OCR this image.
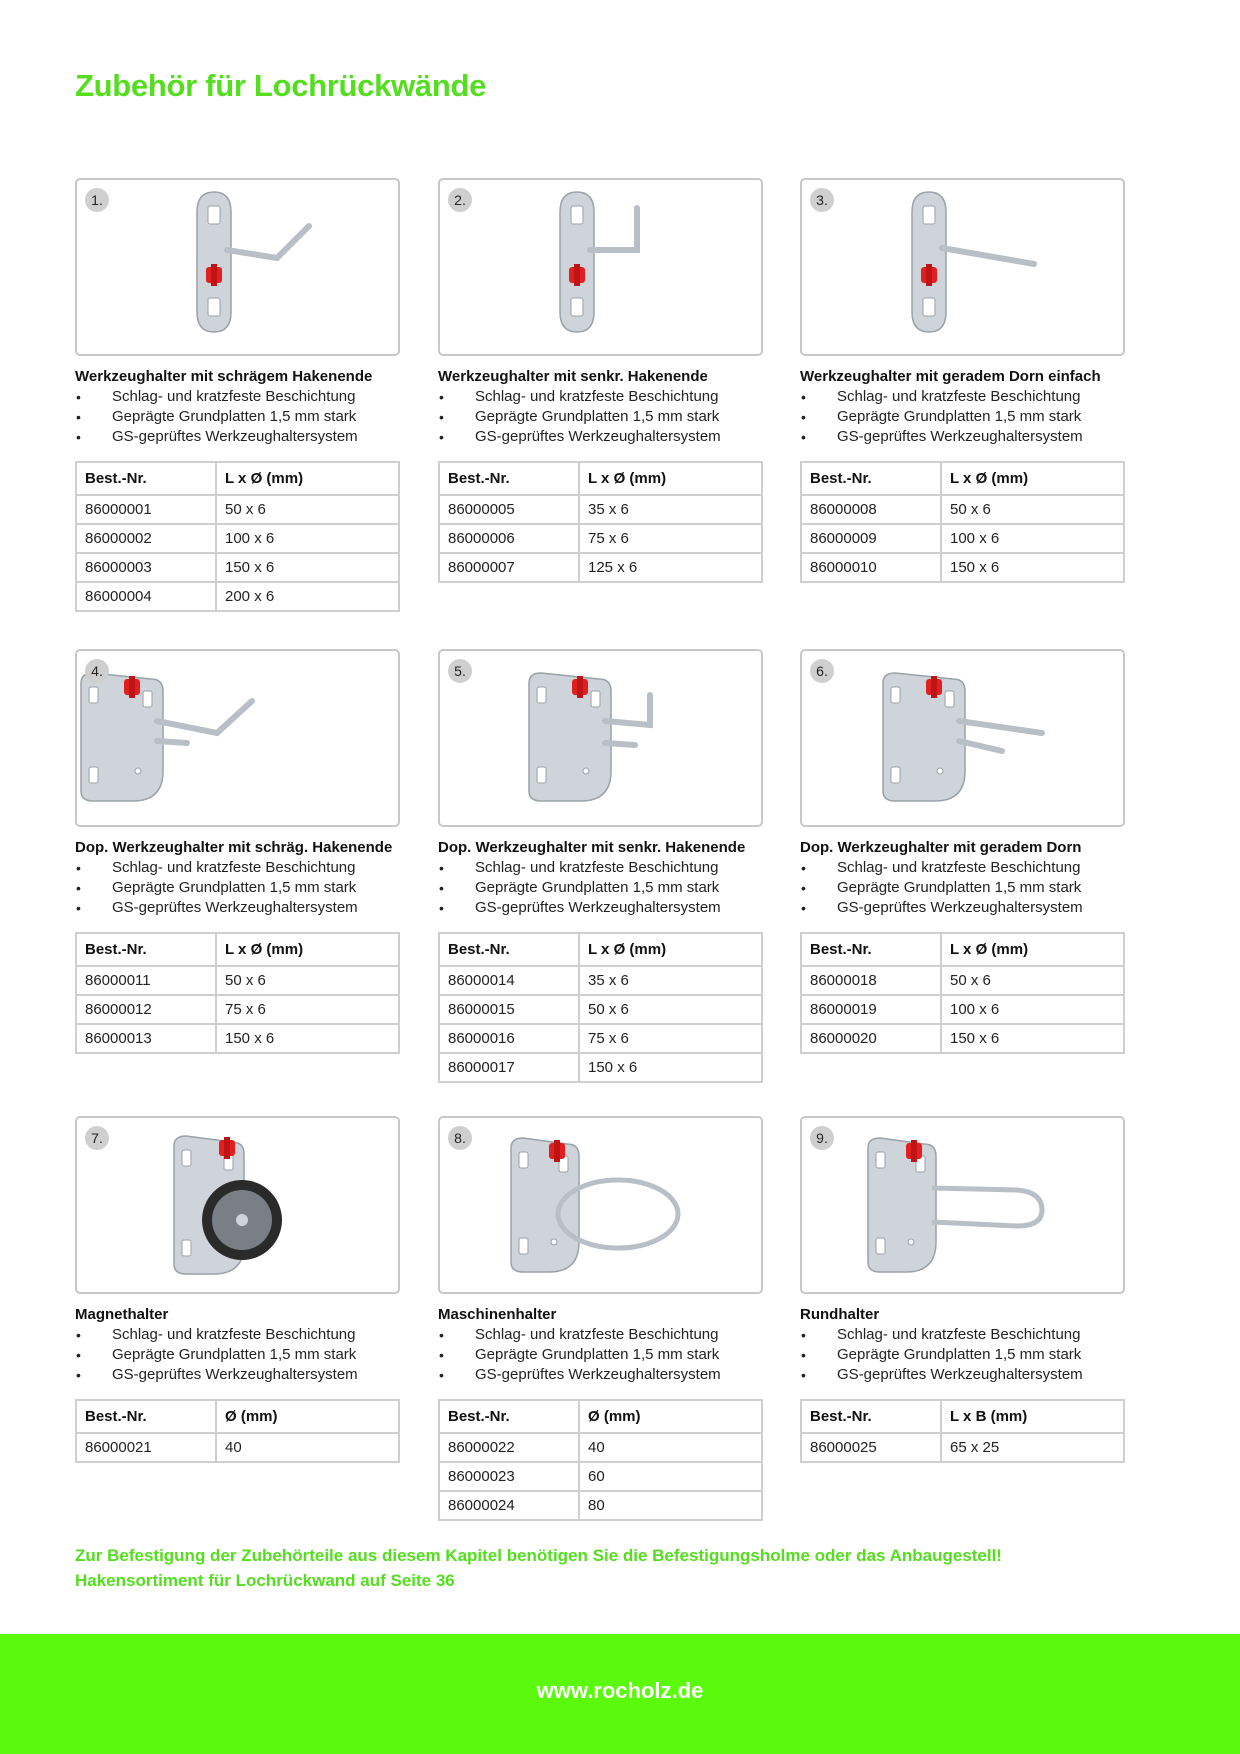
Zubehör für Lochrückwände
1.
Werkzeughalter mit schrägem Hakenende
• Schlag- und kratzfeste Beschichtung
• Geprägte Grundplatten 1,5 mm stark
• GS-geprüftes Werkzeughaltersystem
Best.-Nr.	L x Ø (mm)
86000001	50 x 6
86000002	100 x 6
86000003	150 x 6
86000004	200 x 6
2.
Werkzeughalter mit senkr. Hakenende
• Schlag- und kratzfeste Beschichtung
• Geprägte Grundplatten 1,5 mm stark
• GS-geprüftes Werkzeughaltersystem
Best.-Nr.	L x Ø (mm)
86000005	35 x 6
86000006	75 x 6
86000007	125 x 6
3.
Werkzeughalter mit geradem Dorn einfach
• Schlag- und kratzfeste Beschichtung
• Geprägte Grundplatten 1,5 mm stark
• GS-geprüftes Werkzeughaltersystem
Best.-Nr.	L x Ø (mm)
86000008	50 x 6
86000009	100 x 6
86000010	150 x 6
4.
Dop. Werkzeughalter mit schräg. Hakenende
• Schlag- und kratzfeste Beschichtung
• Geprägte Grundplatten 1,5 mm stark
• GS-geprüftes Werkzeughaltersystem
Best.-Nr.	L x Ø (mm)
86000011	50 x 6
86000012	75 x 6
86000013	150 x 6
5.
Dop. Werkzeughalter mit senkr. Hakenende
• Schlag- und kratzfeste Beschichtung
• Geprägte Grundplatten 1,5 mm stark
• GS-geprüftes Werkzeughaltersystem
Best.-Nr.	L x Ø (mm)
86000014	35 x 6
86000015	50 x 6
86000016	75 x 6
86000017	150 x 6
6.
Dop. Werkzeughalter mit geradem Dorn
• Schlag- und kratzfeste Beschichtung
• Geprägte Grundplatten 1,5 mm stark
• GS-geprüftes Werkzeughaltersystem
Best.-Nr.	L x Ø (mm)
86000018	50 x 6
86000019	100 x 6
86000020	150 x 6
7.
Magnethalter
• Schlag- und kratzfeste Beschichtung
• Geprägte Grundplatten 1,5 mm stark
• GS-geprüftes Werkzeughaltersystem
Best.-Nr.	Ø (mm)
86000021	40
8.
Maschinenhalter
• Schlag- und kratzfeste Beschichtung
• Geprägte Grundplatten 1,5 mm stark
• GS-geprüftes Werkzeughaltersystem
Best.-Nr.	Ø (mm)
86000022	40
86000023	60
86000024	80
9.
Rundhalter
• Schlag- und kratzfeste Beschichtung
• Geprägte Grundplatten 1,5 mm stark
• GS-geprüftes Werkzeughaltersystem
Best.-Nr.	L x B (mm)
86000025	65 x 25
Zur Befestigung der Zubehörteile aus diesem Kapitel benötigen Sie die Befestigungsholme oder das Anbaugestell!
Hakensortiment für Lochrückwand auf Seite 36
www.rocholz.de
